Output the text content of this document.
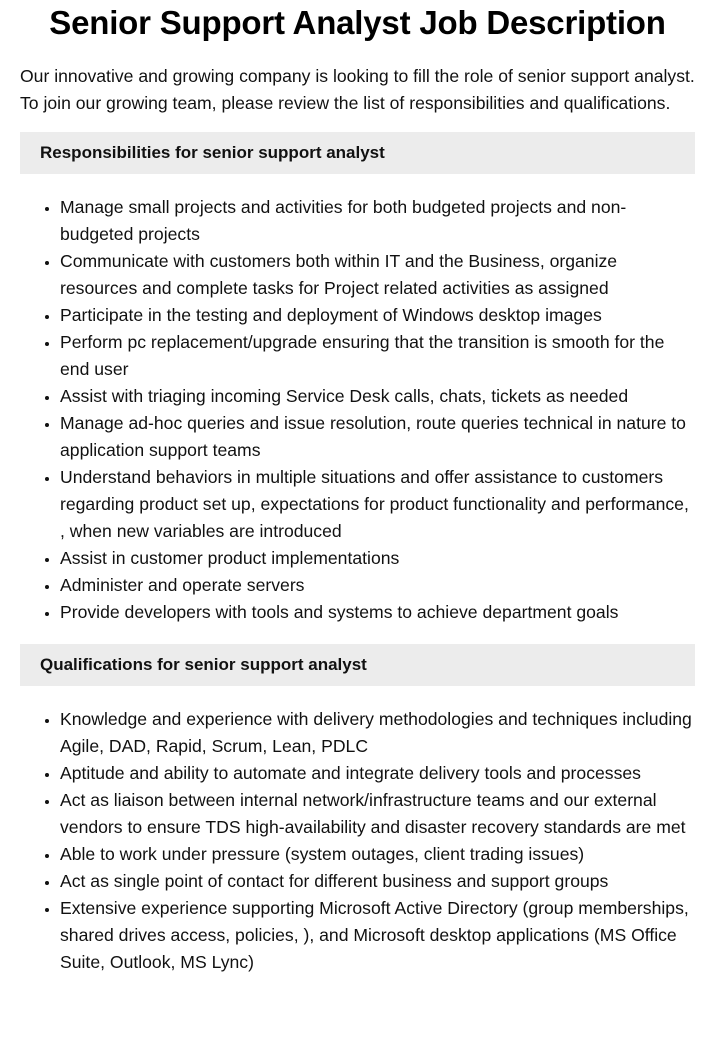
Senior Support Analyst Job Description

Our innovative and growing company is looking to fill the role of senior support analyst. To join our growing team, please review the list of responsibilities and qualifications.

Responsibilities for senior support analyst
• Manage small projects and activities for both budgeted projects and non-budgeted projects
• Communicate with customers both within IT and the Business, organize resources and complete tasks for Project related activities as assigned
• Participate in the testing and deployment of Windows desktop images
• Perform pc replacement/upgrade ensuring that the transition is smooth for the end user
• Assist with triaging incoming Service Desk calls, chats, tickets as needed
• Manage ad-hoc queries and issue resolution, route queries technical in nature to application support teams
• Understand behaviors in multiple situations and offer assistance to customers regarding product set up, expectations for product functionality and performance, , when new variables are introduced
• Assist in customer product implementations
• Administer and operate servers
• Provide developers with tools and systems to achieve department goals
Qualifications for senior support analyst
• Knowledge and experience with delivery methodologies and techniques including Agile, DAD, Rapid, Scrum, Lean, PDLC
• Aptitude and ability to automate and integrate delivery tools and processes
• Act as liaison between internal network/infrastructure teams and our external vendors to ensure TDS high-availability and disaster recovery standards are met
• Able to work under pressure (system outages, client trading issues)
• Act as single point of contact for different business and support groups
• Extensive experience supporting Microsoft Active Directory (group memberships, shared drives access, policies, ), and Microsoft desktop applications (MS Office Suite, Outlook, MS Lync)
